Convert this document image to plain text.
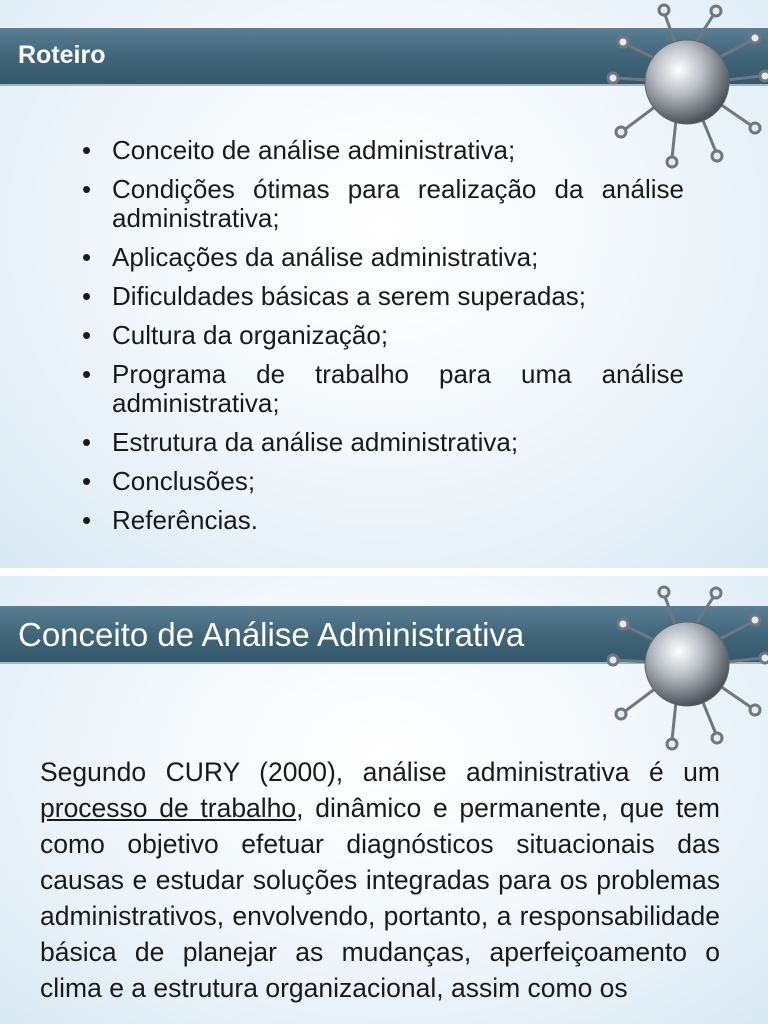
Roteiro
• Conceito de análise administrativa;
• Condições ótimas para realização da análise administrativa;
• Aplicações da análise administrativa;
• Dificuldades básicas a serem superadas;
• Cultura da organização;
• Programa de trabalho para uma análise administrativa;
• Estrutura da análise administrativa;
• Conclusões;
• Referências.
Conceito de Análise Administrativa

Segundo CURY (2000), análise administrativa é um processo de trabalho, dinâmico e permanente, que tem como objetivo efetuar diagnósticos situacionais das causas e estudar soluções integradas para os problemas administrativos, envolvendo, portanto, a responsabilidade básica de planejar as mudanças, aperfeiçoamento o clima e a estrutura organizacional, assim como os
